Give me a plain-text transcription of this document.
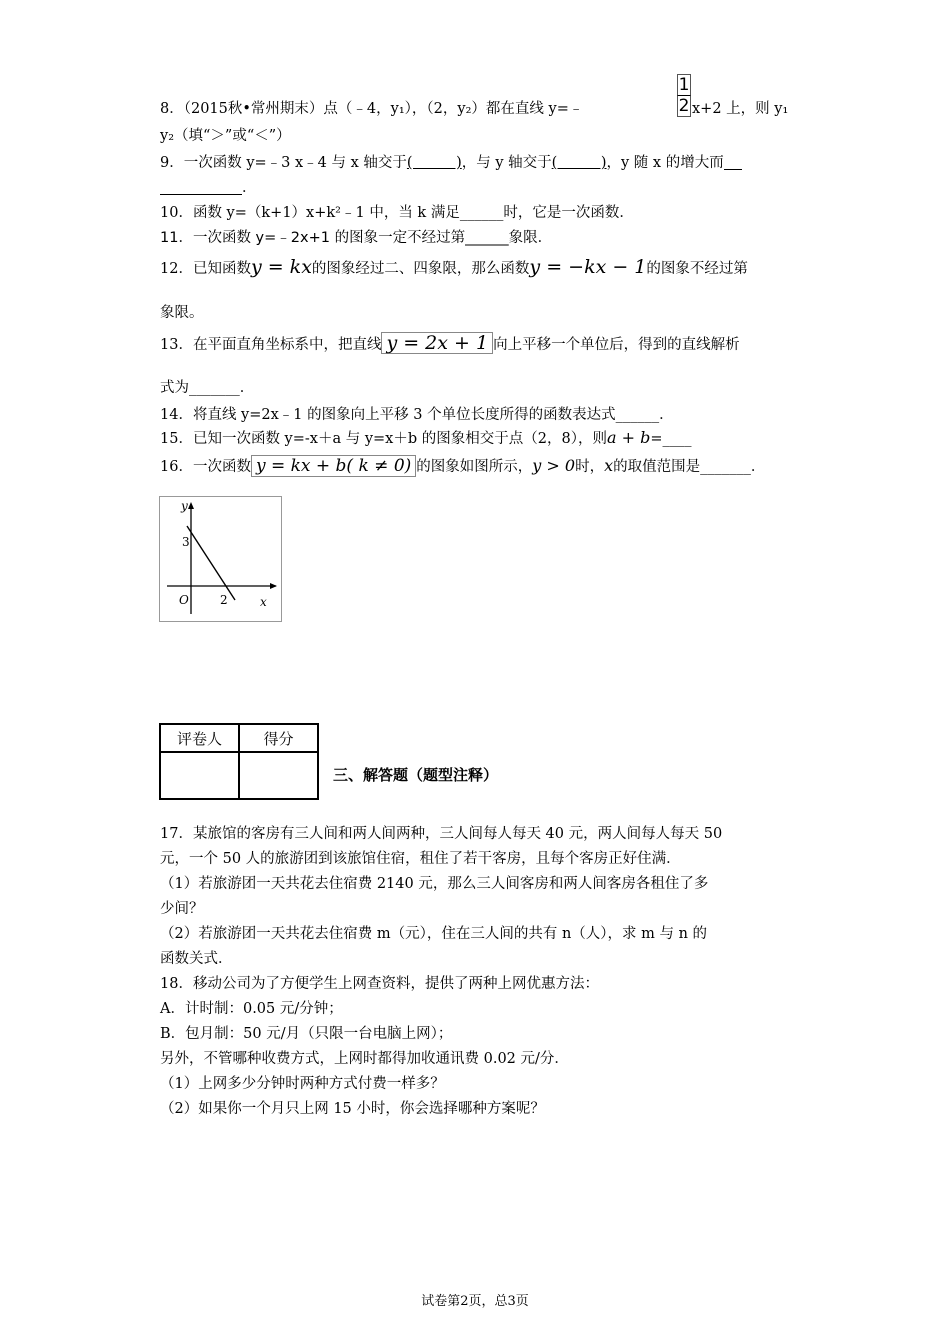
8．（2015秋•常州期末）点（﹣4，y₁），（2，y₂）都在直线 y=﹣	$\frac{1}{2} x+2$ 上，则 y₁
y₂（填“＞”或“＜”）
9．一次函数 y=﹣3 x﹣4 与 x 轴交于(　　　)，与 y 轴交于(　　　)，y 随 x 的增大而
．
10．函数 y=（k+1）x+k²﹣1 中，当 k 满足______时，它是一次函数．
11．一次函数 y=﹣2x+1 的图象一定不经过第______象限．
12．已知函数y = kx的图象经过二、四象限，那么函数y = −kx − 1的图象不经过第
象限。
13．在平面直角坐标系中，把直线 y = 2x + 1 向上平移一个单位后，得到的直线解析
式为_______．
14．将直线 y=2x﹣1 的图象向上平移 3 个单位长度所得的函数表达式______．
15．已知一次函数 y=-x＋a 与 y=x＋b 的图象相交于点（2，8），则a + b=____
16．一次函数 y = kx + b( k ≠ 0) 的图象如图所示，y > 0时，x的取值范围是_______．
y
x
O
3
2
评卷人	得分

三、解答题（题型注释）
17．某旅馆的客房有三人间和两人间两种，三人间每人每天 40 元，两人间每人每天 50
元，一个 50 人的旅游团到该旅馆住宿，租住了若干客房，且每个客房正好住满．
（1）若旅游团一天共花去住宿费 2140 元，那么三人间客房和两人间客房各租住了多
少间？
（2）若旅游团一天共花去住宿费 m（元），住在三人间的共有 n（人），求 m 与 n 的
函数关式．
18．移动公司为了方便学生上网查资料，提供了两种上网优惠方法：
A．计时制：0.05 元/分钟；
B．包月制：50 元/月（只限一台电脑上网）；
另外，不管哪种收费方式，上网时都得加收通讯费 0.02 元/分．
（1）上网多少分钟时两种方式付费一样多？
（2）如果你一个月只上网 15 小时，你会选择哪种方案呢？
试卷第2页，总3页
